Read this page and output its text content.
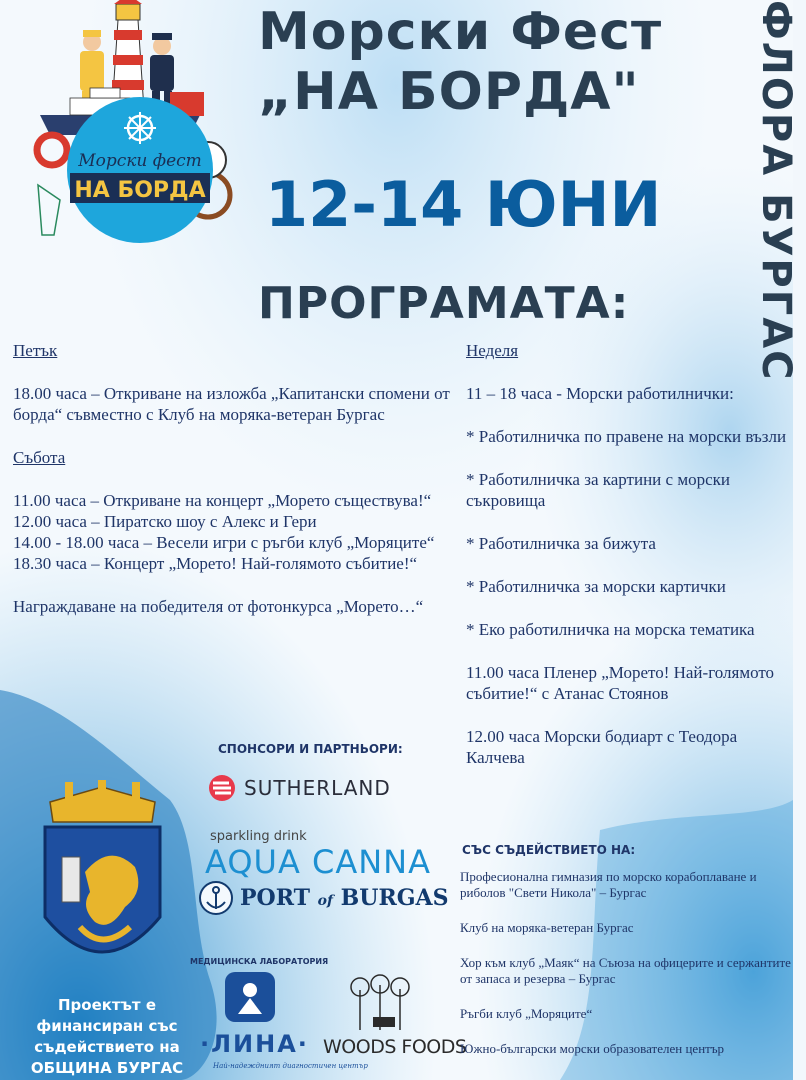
Морски фест
НА БОРДА
Морски Фест
„НА БОРДА"
12-14 ЮНИ
ПРОГРАМАТА:	ФЛОРА БУРГАС

Петък

18.00 часа – Откриване на изложба „Капитански спомени от борда“ съвместно с Клуб на моряка-ветеран Бургас

Събота

11.00 часа – Откриване на концерт „Морето съществува!“

12.00 часа – Пиратско шоу с Алекс и Гери

14.00 - 18.00 часа – Весели игри с ръгби клуб „Моряците“

18.30 часа – Концерт „Морето! Най-голямото събитие!“

Награждаване на победителя от фотонкурса „Морето…“

Неделя

11 – 18 часа - Морски работилнички:

* Работилничка по правене на морски възли

* Работилничка за картини с морски съкровища

* Работилничка за бижута

* Работилничка за морски картички

* Еко работилничка на морска тематика

11.00 часа Пленер „Морето! Най-голямото събитие!“ с Атанас Стоянов

12.00 часа Морски бодиарт с Теодора Калчева

СПОНСОРИ И ПАРТНЬОРИ:
SUTHERLAND
sparkling drink
AQUA CANNA
PORT of BURGAS
МЕДИЦИНСКА ЛАБОРАТОРИЯ
·ЛИНА·
Най-надеждният диагностичен център
WOODS FOODS
Проектът е
финансиран със
съдействието на
ОБЩИНА БУРГАС
СЪС СЪДЕЙСТВИЕТО НА:

Професионална гимназия по морско корабоплаване и риболов "Свети Никола" – Бургас

Клуб на моряка-ветеран Бургас

Хор към клуб „Маяк“ на Съюза на офицерите и сержантите от запаса и резерва – Бургас

Ръгби клуб „Моряците“

Южно-български морски образователен център
